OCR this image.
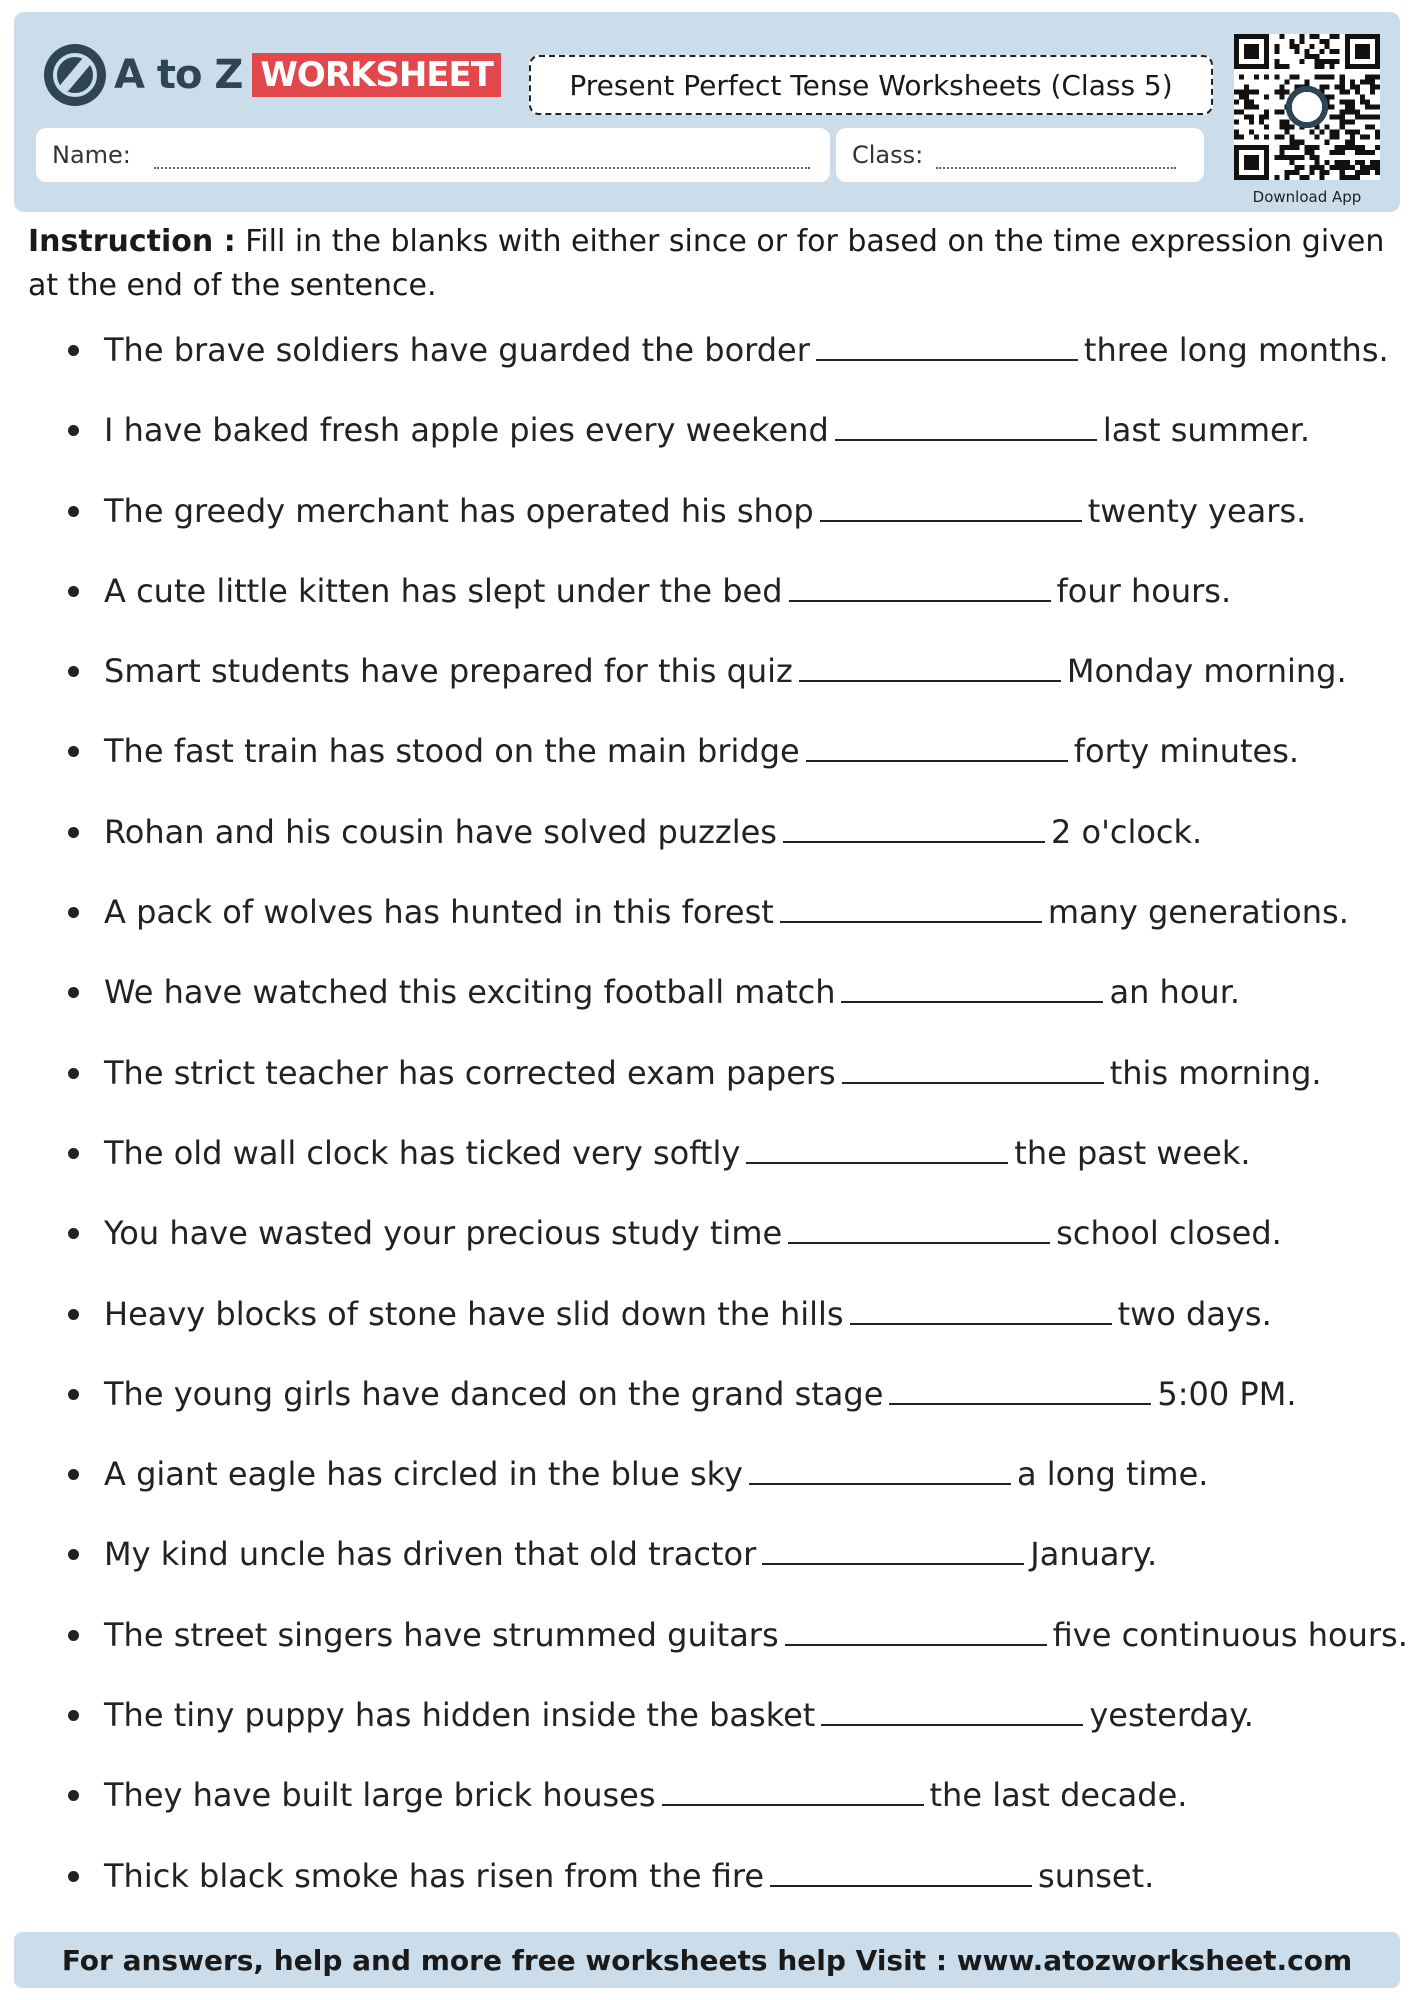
A to Z WORKSHEET	Present Perfect Tense Worksheets (Class 5)
Name:	Class:
Download App
Instruction : Fill in the blanks with either since or for based on the time expression given at the end of the sentence.
The brave soldiers have guarded the border	three long months.
I have baked fresh apple pies every weekend	last summer.
The greedy merchant has operated his shop	twenty years.
A cute little kitten has slept under the bed	four hours.
Smart students have prepared for this quiz	Monday morning.
The fast train has stood on the main bridge	forty minutes.
Rohan and his cousin have solved puzzles	2 o'clock.
A pack of wolves has hunted in this forest	many generations.
We have watched this exciting football match	an hour.
The strict teacher has corrected exam papers	this morning.
The old wall clock has ticked very softly	the past week.
You have wasted your precious study time	school closed.
Heavy blocks of stone have slid down the hills	two days.
The young girls have danced on the grand stage	5:00 PM.
A giant eagle has circled in the blue sky	a long time.
My kind uncle has driven that old tractor	January.
The street singers have strummed guitars	five continuous hours.
The tiny puppy has hidden inside the basket	yesterday.
They have built large brick houses	the last decade.
Thick black smoke has risen from the fire	sunset.
For answers, help and more free worksheets help Visit : www.atozworksheet.com
